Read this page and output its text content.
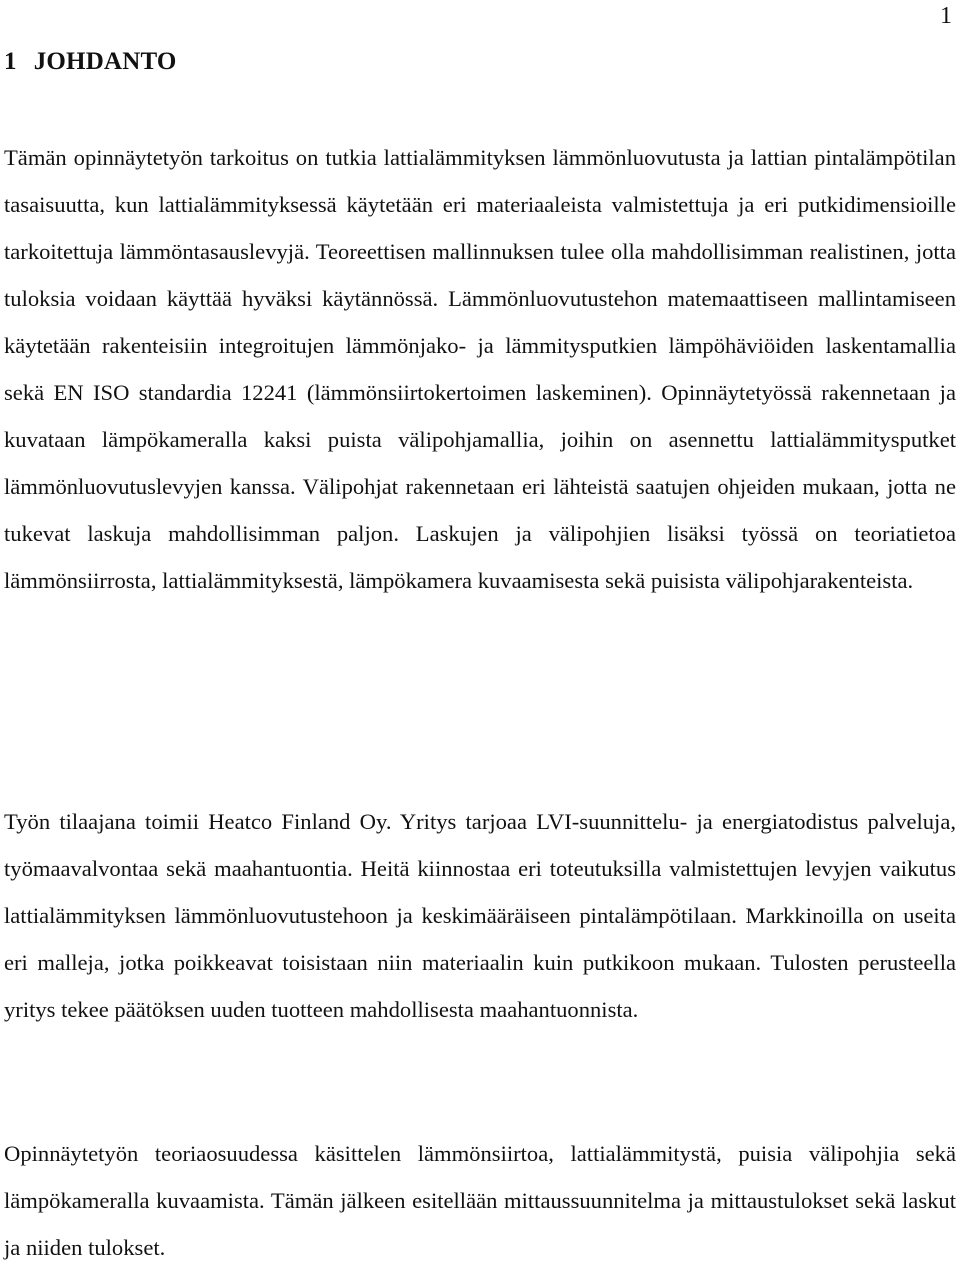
1
1 JOHDANTO

Tämän opinnäytetyön tarkoitus on tutkia lattialämmityksen lämmönluovutusta ja lattian pintalämpötilan tasaisuutta, kun lattialämmityksessä käytetään eri materiaaleista valmistettuja ja eri putkidimensioille tarkoitettuja lämmöntasauslevyjä. Teoreettisen mallinnuksen tulee olla mahdollisimman realistinen, jotta tuloksia voidaan käyttää hyväksi käytännössä. Lämmönluovutustehon matemaattiseen mallintamiseen käytetään rakenteisiin integroitujen lämmönjako- ja lämmitysputkien lämpöhäviöiden laskentamallia sekä EN ISO standardia 12241 (lämmönsiirtokertoimen laskeminen). Opinnäytetyössä rakennetaan ja kuvataan lämpökameralla kaksi puista välipohjamallia, joihin on asennettu lattialämmitysputket lämmönluovutuslevyjen kanssa. Välipohjat rakennetaan eri lähteistä saatujen ohjeiden mukaan, jotta ne tukevat laskuja mahdollisimman paljon. Laskujen ja välipohjien lisäksi työssä on teoriatietoa lämmönsiirrosta, lattialämmityksestä, lämpökamera kuvaamisesta sekä puisista välipohjarakenteista.

Työn tilaajana toimii Heatco Finland Oy. Yritys tarjoaa LVI-suunnittelu- ja energiatodistus palveluja, työmaavalvontaa sekä maahantuontia. Heitä kiinnostaa eri toteutuksilla valmistettujen levyjen vaikutus lattialämmityksen lämmönluovutustehoon ja keskimääräiseen pintalämpötilaan. Markkinoilla on useita eri malleja, jotka poikkeavat toisistaan niin materiaalin kuin putkikoon mukaan. Tulosten perusteella yritys tekee päätöksen uuden tuotteen mahdollisesta maahantuonnista.

Opinnäytetyön teoriaosuudessa käsittelen lämmönsiirtoa, lattialämmitystä, puisia välipohjia sekä lämpökameralla kuvaamista. Tämän jälkeen esitellään mittaussuunnitelma ja mittaustulokset sekä laskut ja niiden tulokset.
